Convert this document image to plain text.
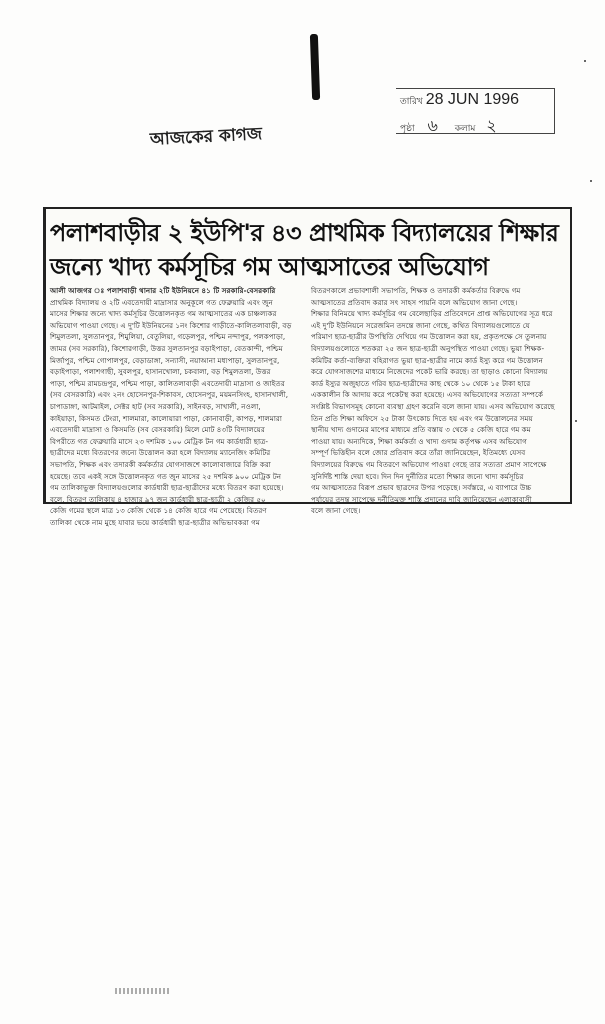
তারিখ 28 JUN 1996
পৃষ্ঠা ৬ কলাম ২
আজকের কাগজ
পলাশবাড়ীর ২ ইউপি'র ৪৩ প্রাথমিক বিদ্যালয়ের শিক্ষার
জন্যে খাদ্য কর্মসূচির গম আত্মসাতের অভিযোগ
আলী আজগর ঃ পলাশবাড়ী থানার ২টি ইউনিয়নে ৪১ টি সরকারি-বেসরকারি
প্রাথমিক বিদ্যালয় ও ২টি এবতেদায়ী মাদ্রাসার অনুকূলে গত ফেব্রুয়ারি এবং জুন
মাসের শিক্ষার জন্যে খাদ্য কর্মসূচির উত্তোলনকৃত গম আত্মসাতের এক চাঞ্চল্যকর
অভিযোগ পাওয়া গেছে। এ দু'টি ইউনিয়নের ১নং কিশোর গাড়ীতে-কালিতলাবাড়ী, বড়
শিমুলতলা, সুলতানপুর, শিমুলিয়া, বেতুলিয়া, গড়েলপুর, পশ্চিম নন্দাপুর, পলকপাড়া,
জামর (সব সরকারি), কিশোরগাড়ী, উত্তর সুলতানপুর বড়াইপাড়া, বেতকান্দী, পশ্চিম
মির্জাপুর, পশ্চিম গোপালপুর, বেড়াডাঙ্গা, সন্যাসী, নয়াআনা মধ্যপাড়া, সুলতানপুর,
বড়াইপাড়া, পলাশগাছী, সুবলপুর, হাসানখোলা, চকবালা, বড় শিমুলতলা, উত্তর
পাড়া, পশ্চিম রামচন্দ্রপুর, পশ্চিম পাড়া, কালিতলাবাড়ী এবতেদায়ী মাদ্রাসা ও জাইতর
(সব বেসরকারি) এবং ২নং হোসেনপুর-শিকাবস, হোসেনপুর, ময়মনসিংহ, হাসানখালী,
চাপাডাঙ্গা, আটমাইল, সেক্টর হাট (সব সরকারি), সাইনবড়, সাখালী, নওলা,
কাইয়াড়া, কিসমত টেংরা, শালমারা, কালোয়ারা পাড়া, কোনাবাড়ী, কাপড়, শালমারা
এবতেদায়ী মাদ্রাসা ও কিসমতি (সব বেসরকারি) মিলে মোট ৪৩টি বিদ্যালয়ের
বিপরীতে গত ফেব্রুয়ারি মাসে ২৩ দশমিক ১০০ মেট্রিক টন গম কার্ডধারী ছাত্র-
ছাত্রীদের মধ্যে বিতরণের জন্যে উত্তোলন করা হলে বিদ্যালয় ম্যানেজিং কমিটির
সভাপতি, শিক্ষক এবং তদারকী কর্মকর্তার যোগসাজশে কালোবাজারে বিক্রি করা
হয়েছে। তবে একই সঙ্গে উত্তোলনকৃত গত জুন মাসের ২৫ দশমিক ৯০০ মেট্রিক টন
গম তালিকাভুক্ত বিদ্যালয়গুলোর কার্ডধারী ছাত্র-ছাত্রীদের মধ্যে বিতরণ করা হয়েছে।
বলে, বিতরণ তালিকায় ৪ হাজার ৯৭ জন কার্ডধারী ছাত্র-ছাত্রী ২ কেজির ৫০
কেজি গমের স্থলে মাত্র ১৩ কেজি থেকে ১৪ কেজি হারে গম পেয়েছে। বিতরণ
তালিকা থেকে নাম মুছে যাবার ভয়ে কার্ডধারী ছাত্র-ছাত্রীর অভিভাবকরা গম
বিতরণকালে প্রভাবশালী সভাপতি, শিক্ষক ও তদারকী কর্মকর্তার বিরুদ্ধে গম
আত্মসাতের প্রতিবাদ করার সৎ সাহস পায়নি বলে অভিযোগ জানা গেছে।
শিক্ষার বিনিময়ে খাদ্য কর্মসূচির গম বেলেছাড়ির প্রতিবেদনে প্রাপ্ত অভিযোগের সূত্র ধরে
এই দু'টি ইউনিয়নে সরেজমিন তদন্তে জানা গেছে, কথিত বিদ্যালয়গুলোতে যে
পরিমাণ ছাত্র-ছাত্রীর উপস্থিতি দেখিয়ে গম উত্তোলন করা হয়, প্রকৃতপক্ষে সে তুলনায়
বিদ্যালয়গুলোতে শতকরা ২৫ জন ছাত্র-ছাত্রী অনুপস্থিত পাওয়া গেছে। ভুয়া শিক্ষক-
কমিটির কর্তা-ব্যক্তিরা বহিরাগত ভুয়া ছাত্র-ছাত্রীর নামে কার্ড ইস্যু করে গম উত্তোলন
করে যোগসাজশের মাধ্যমে নিজেদের পকেট ভারি করছে। তা ছাড়াও কোনো বিদ্যালয়
কার্ড ইস্যুর অজুহাতে গরিব ছাত্র-ছাত্রীদের কাছ থেকে ১০ থেকে ১৫ টাকা হারে
এককালীন কি আদায় করে পকেটস্থ করা হয়েছে। এসব অভিযোগের সত্যতা সম্পর্কে
সংশ্লিষ্ট বিভাগসমূহ কোনো ব্যবস্থা গ্রহণ করেনি বলে জানা যায়। এসব অভিযোগ করেছে
তিন প্রতি শিক্ষা অফিসে ২৫ টাকা উৎকোচ দিতে হয় এবং গম উত্তোলনের সময়
স্থানীয় খাদ্য গুদামের মাপের মাধ্যমে প্রতি বস্তায় ৩ থেকে ৫ কেজি হারে গম কম
পাওয়া যায়। অন্যদিকে, শিক্ষা কর্মকর্তা ও খাদ্য গুদাম কর্তৃপক্ষ এসব অভিযোগ
সম্পূর্ণ ভিত্তিহীন বলে জোর প্রতিবাদ করে তাঁরা জানিয়েছেন, ইতিমধ্যে যেসব
বিদ্যালয়ের বিরুদ্ধে গম বিতরণে অভিযোগ পাওয়া গেছে তার সত্যতা প্রমাণ সাপেক্ষে
সুনির্দিষ্ট শাস্তি দেয়া হবে। দিন দিন দুর্নীতির মতো শিক্ষার জন্যে খাদ্য কর্মসূচির
গম আত্মসাতের বিরূপ প্রভাব ছাত্রদের উপর পড়েছে। সর্বস্তরে, এ ব্যাপারে উচ্চ
পর্যায়ের তদন্ত সাপেক্ষে দুর্নীতিমুক্ত শাস্তি প্রদানের দাবি জানিয়েছেন এলাকাবাসী
বলে জানা গেছে।
